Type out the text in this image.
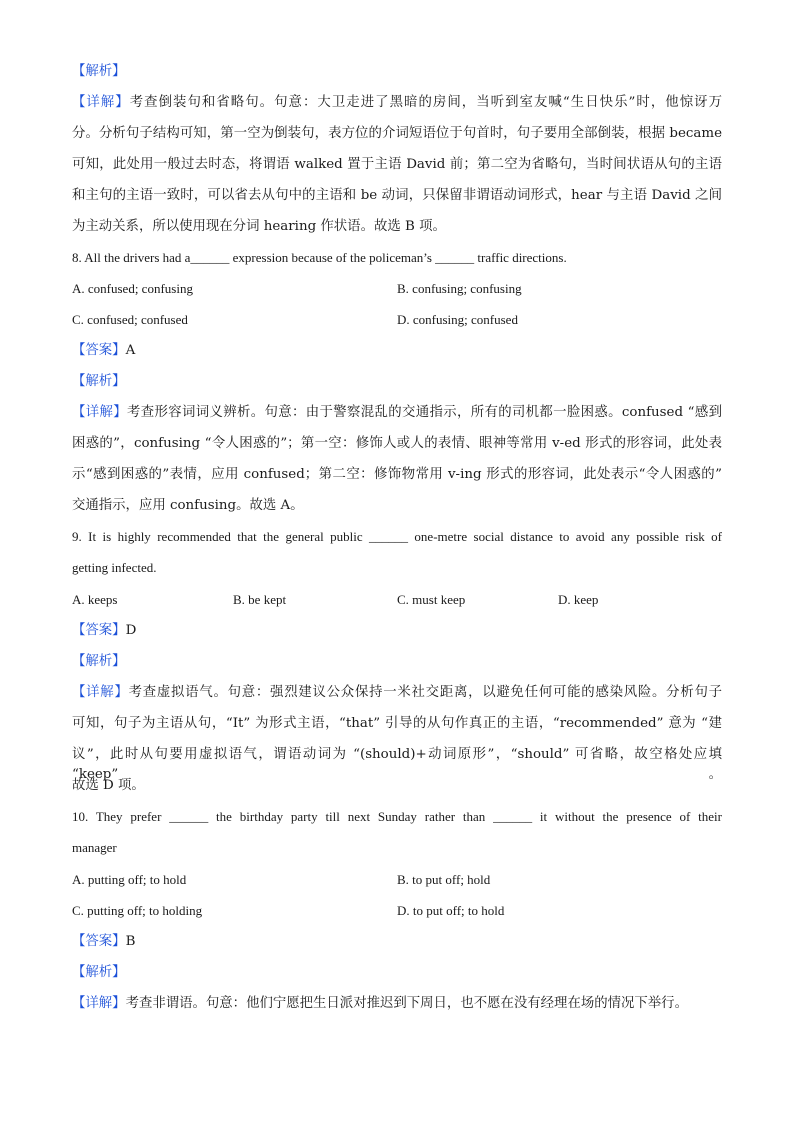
【解析】
【详解】考查倒装句和省略句。句意：大卫走进了黑暗的房间，当听到室友喊“生日快乐”时，他惊讶万
分。分析句子结构可知，第一空为倒装句，表方位的介词短语位于句首时，句子要用全部倒装，根据 became
可知，此处用一般过去时态，将谓语 walked 置于主语 David 前；第二空为省略句，当时间状语从句的主语
和主句的主语一致时，可以省去从句中的主语和 be 动词，只保留非谓语动词形式，hear 与主语 David 之间
为主动关系，所以使用现在分词 hearing 作状语。故选 B 项。
8. All the drivers had a______ expression because of the policeman’s ______ traffic directions.
【答案】A
【解析】
【详解】考查形容词词义辨析。句意：由于警察混乱的交通指示，所有的司机都一脸困惑。confused “感到
困惑的”，confusing “令人困惑的”；第一空：修饰人或人的表情、眼神等常用 v-ed 形式的形容词，此处表
示“感到困惑的”表情，应用 confused；第二空：修饰物常用 v-ing 形式的形容词，此处表示“令人困惑的”
交通指示，应用 confusing。故选 A。
9. It is highly recommended that the general public ______ one-metre social distance to avoid any possible risk of
getting infected.
【答案】D
【解析】
【详解】考查虚拟语气。句意：强烈建议公众保持一米社交距离，以避免任何可能的感染风险。分析句子
可知，句子为主语从句，“It” 为形式主语，“that” 引导的从句作真正的主语，“recommended” 意为 “建
议”，此时从句要用虚拟语气，谓语动词为 “(should)+动词原形”，“should” 可省略，故空格处应填 “keep”。
故选 D 项。
10. They prefer ______ the birthday party till next Sunday rather than ______ it without the presence of their
manager
【答案】B
【解析】
【详解】考查非谓语。句意：他们宁愿把生日派对推迟到下周日，也不愿在没有经理在场的情况下举行。
A. confused; confusing	B. confusing; confusing
C. confused; confused	D. confusing; confused
A. keeps	B. be kept	C. must keep	D. keep
A. putting off; to hold	B. to put off; hold
C. putting off; to holding	D. to put off; to hold
